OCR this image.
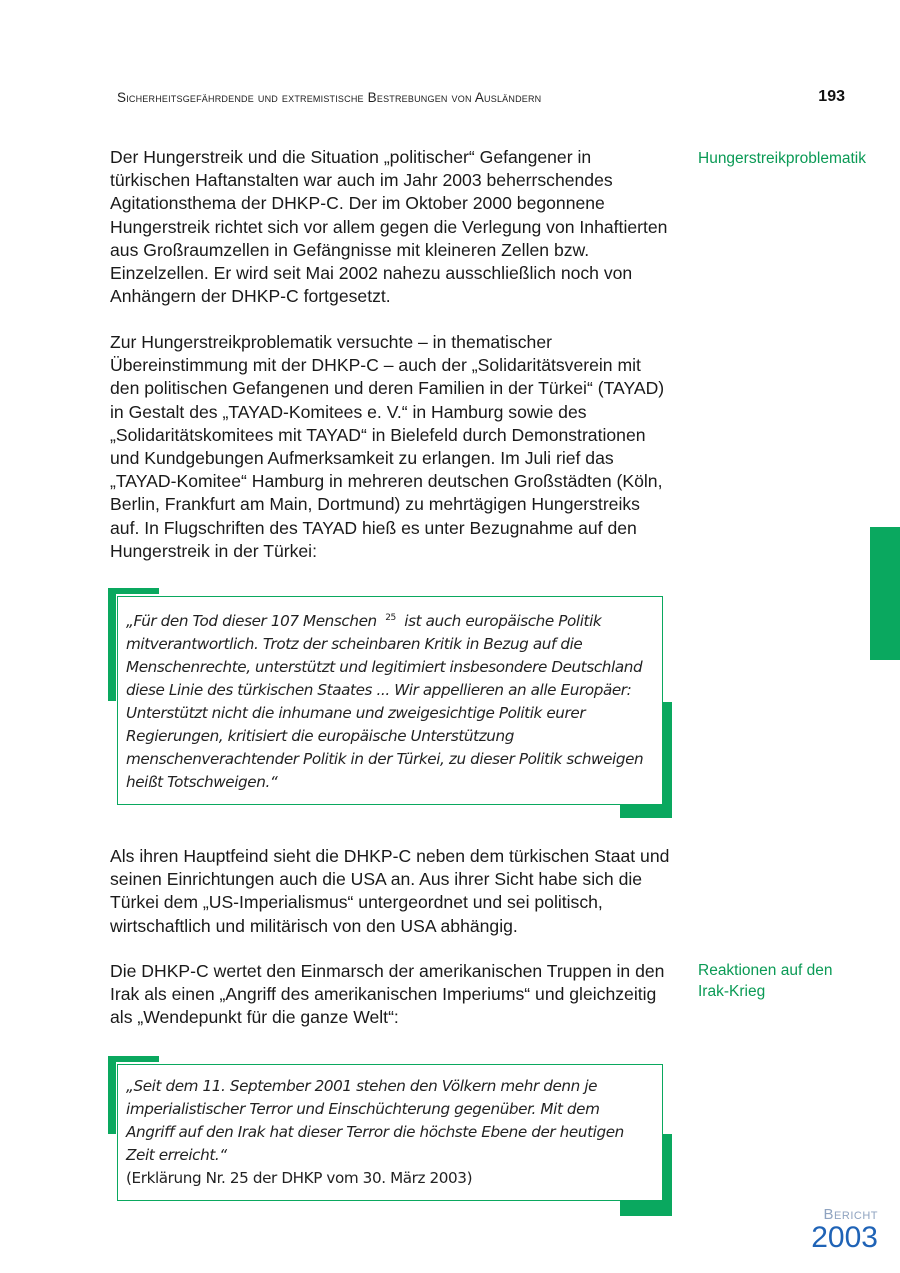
Sicherheitsgefährdende und extremistische Bestrebungen von Ausländern	193

Der Hungerstreik und die Situation „politischer“ Gefangener in türkischen Haftanstalten war auch im Jahr 2003 beherrschendes Agitationsthema der DHKP-C. Der im Oktober 2000 begonnene Hungerstreik richtet sich vor allem gegen die Verlegung von Inhaftierten aus Großraumzellen in Gefängnisse mit kleineren Zellen bzw. Einzelzellen. Er wird seit Mai 2002 nahezu ausschließlich noch von Anhängern der DHKP-C fortgesetzt.

Hungerstreikproblematik

Zur Hungerstreikproblematik versuchte – in thematischer Übereinstimmung mit der DHKP-C – auch der „Solidaritätsverein mit den politischen Gefangenen und deren Familien in der Türkei“ (TAYAD) in Gestalt des „TAYAD-Komitees e. V.“ in Hamburg sowie des „Solidaritätskomitees mit TAYAD“ in Bielefeld durch Demonstrationen und Kundgebungen Aufmerksamkeit zu erlangen. Im Juli rief das „TAYAD-Komitee“ Hamburg in mehreren deutschen Großstädten (Köln, Berlin, Frankfurt am Main, Dortmund) zu mehrtägigen Hungerstreiks auf. In Flugschriften des TAYAD hieß es unter Bezugnahme auf den Hungerstreik in der Türkei:

„Für den Tod dieser 107 Menschen $^{25}$ ist auch europäische Politik mitverantwortlich. Trotz der scheinbaren Kritik in Bezug auf die Menschenrechte, unterstützt und legitimiert insbesondere Deutschland diese Linie des türkischen Staates ... Wir appellieren an alle Europäer: Unterstützt nicht die inhumane und zweigesichtige Politik eurer Regierungen, kritisiert die europäische Unterstützung menschenverachtender Politik in der Türkei, zu dieser Politik schweigen heißt Totschweigen.“

Als ihren Hauptfeind sieht die DHKP-C neben dem türkischen Staat und seinen Einrichtungen auch die USA an. Aus ihrer Sicht habe sich die Türkei dem „US-Imperialismus“ untergeordnet und sei politisch, wirtschaftlich und militärisch von den USA abhängig.

Die DHKP-C wertet den Einmarsch der amerikanischen Truppen in den Irak als einen „Angriff des amerikanischen Imperiums“ und gleichzeitig als „Wendepunkt für die ganze Welt“:

Reaktionen auf den Irak-Krieg
„Seit dem 11. September 2001 stehen den Völkern mehr denn je imperialistischer Terror und Einschüchterung gegenüber. Mit dem Angriff auf den Irak hat dieser Terror die höchste Ebene der heutigen Zeit erreicht.“
(Erklärung Nr. 25 der DHKP vom 30. März 2003)
Bericht
2003
